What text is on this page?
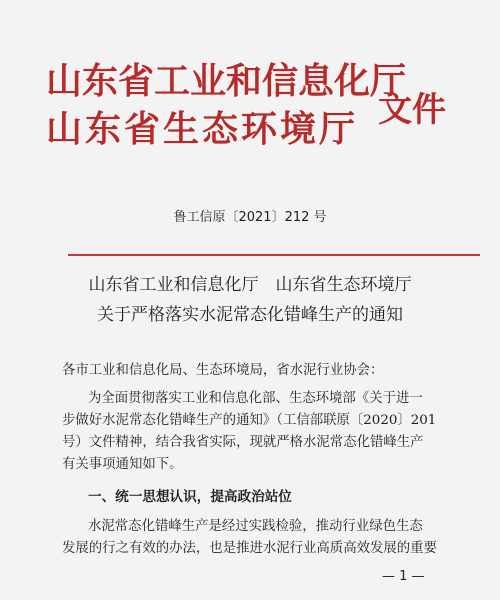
山东省工业和信息化厅
山东省生态环境厅 文件
鲁工信原〔2021〕212 号
山东省工业和信息化厅　山东省生态环境厅
关于严格落实水泥常态化错峰生产的通知
各市工业和信息化局、生态环境局，省水泥行业协会：
为全面贯彻落实工业和信息化部、生态环境部《关于进一
步做好水泥常态化错峰生产的通知》（工信部联原〔2020〕201
号）文件精神，结合我省实际，现就严格水泥常态化错峰生产
有关事项通知如下。
一、统一思想认识，提高政治站位
水泥常态化错峰生产是经过实践检验，推动行业绿色生态
发展的行之有效的办法，也是推进水泥行业高质高效发展的重要
— 1 —
